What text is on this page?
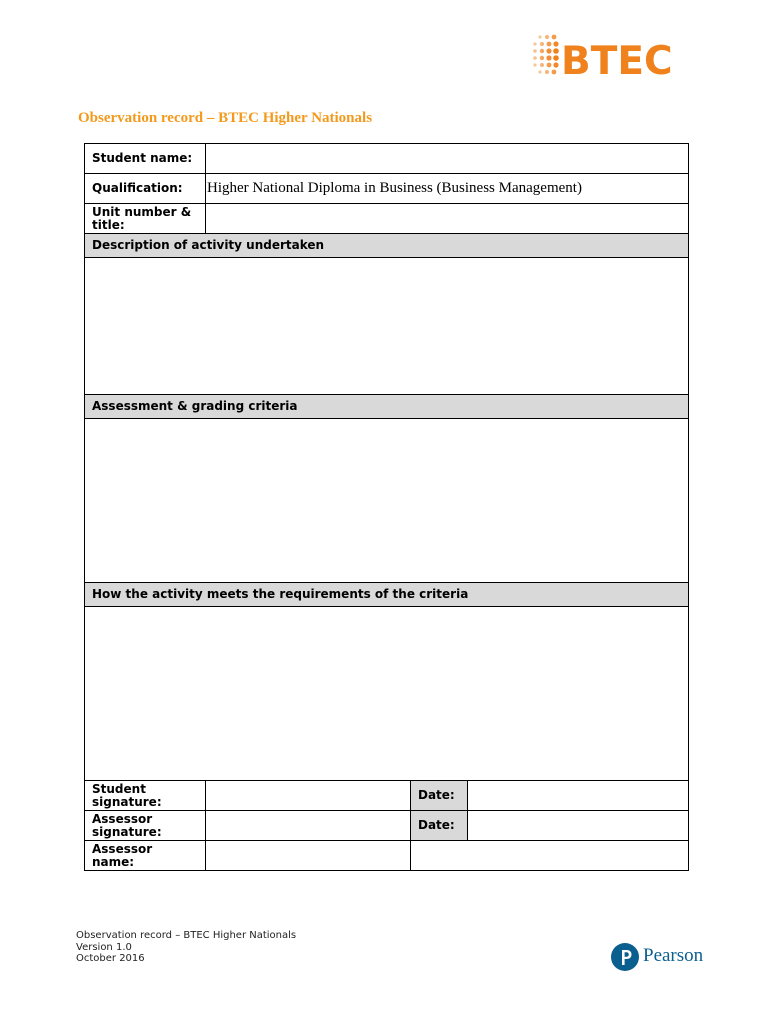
BTEC
Observation record – BTEC Higher Nationals
Student name:			
Qualification:	Higher National Diploma in Business (Business Management)		
Unit number & title:			
Description of activity undertaken			

Assessment & grading criteria			

How the activity meets the requirements of the criteria			

Student signature:		Date:	
Assessor signature:		Date:	
Assessor name:			
Observation record – BTEC Higher Nationals
Version 1.0
October 2016	Pearson
